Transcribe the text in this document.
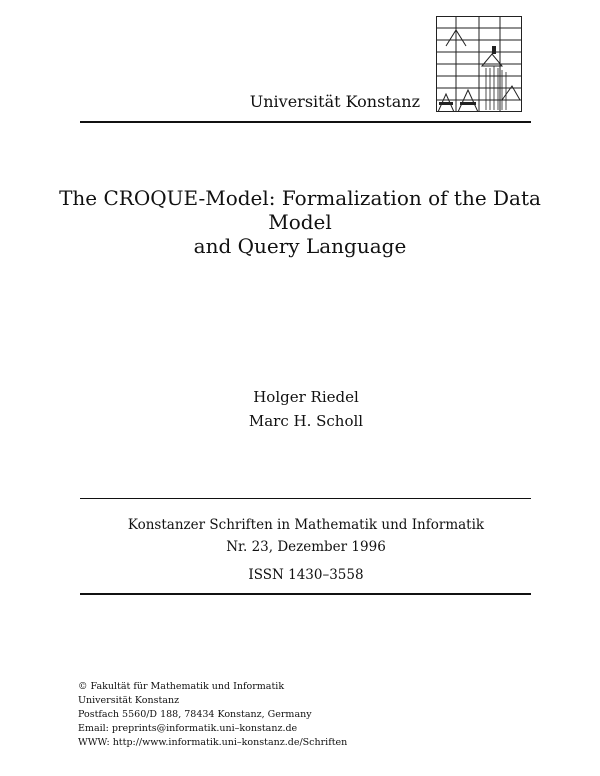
Universität Konstanz
The CROQUE-Model: Formalization of the Data Model
and Query Language
Holger Riedel
Marc H. Scholl
Konstanzer Schriften in Mathematik und Informatik
Nr. 23, Dezember 1996
ISSN 1430–3558
© Fakultät für Mathematik und Informatik
Universität Konstanz
Postfach 5560/D 188, 78434 Konstanz, Germany
Email: preprints@informatik.uni–konstanz.de
WWW: http://www.informatik.uni–konstanz.de/Schriften
